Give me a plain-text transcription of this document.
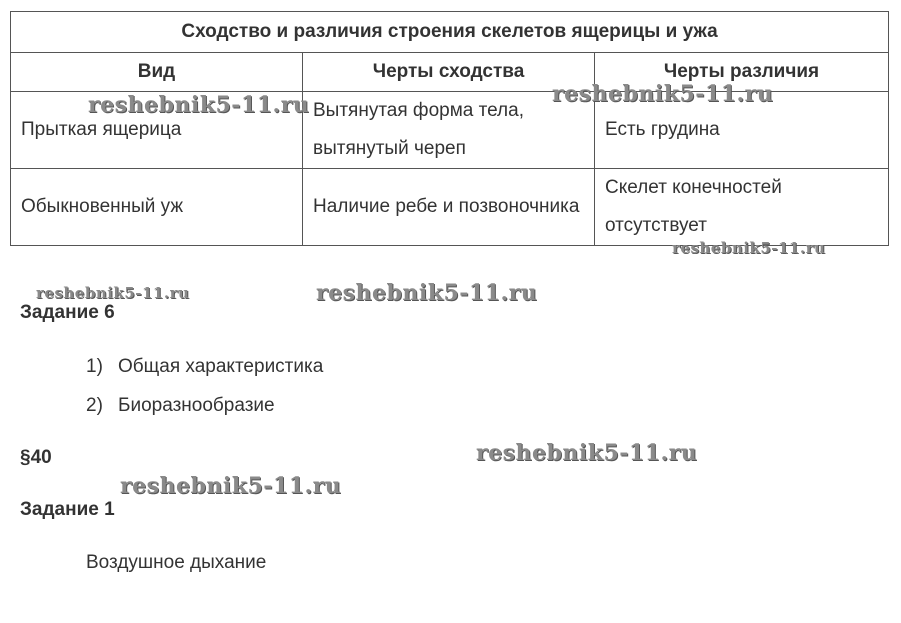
Сходство и различия строения скелетов ящерицы и ужа		
Вид	Черты сходства	Черты различия
Прыткая ящерица	Вытянутая форма тела, вытянутый череп	Есть грудина
Обыкновенный уж	Наличие ребе и позвоночника	Скелет конечностей отсутствует
Задание 6
1) Общая характеристика
2) Биоразнообразие
§40
Задание 1
Воздушное дыхание
reshebnik5-11.ru	reshebnik5-11.ru
reshebnik5-11.ru
reshebnik5-11.ru	reshebnik5-11.ru
reshebnik5-11.ru
reshebnik5-11.ru
